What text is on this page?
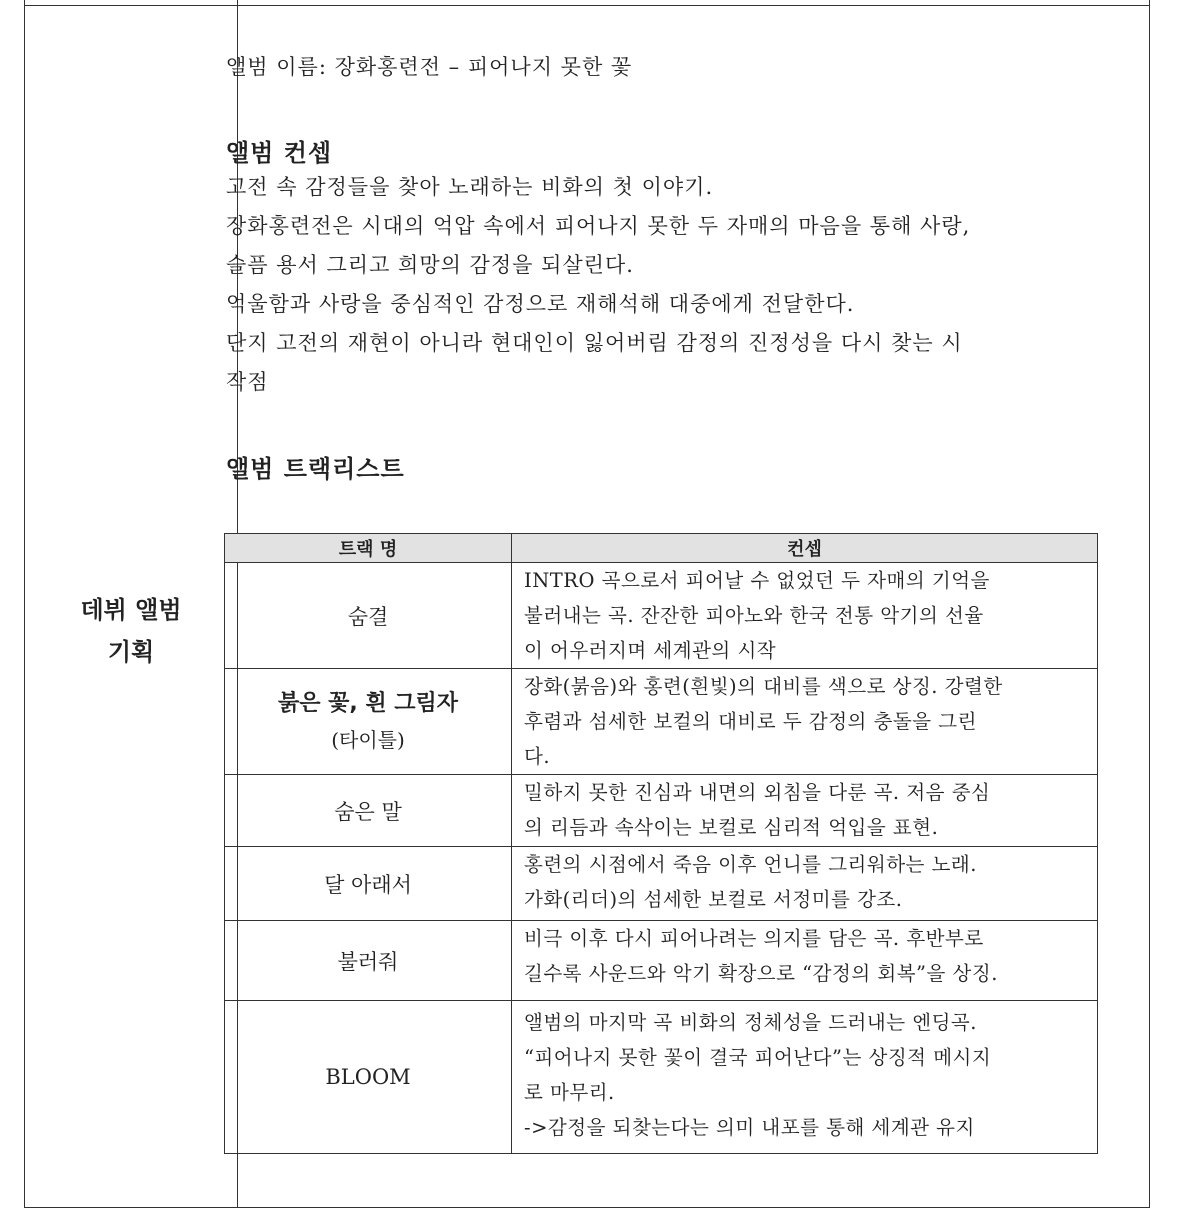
데뷔 앨범
기획

앨범 이름: 장화홍련전 – 피어나지 못한 꽃

앨범 컨셉

고전 속 감정들을 찾아 노래하는 비화의 첫 이야기.

장화홍련전은 시대의 억압 속에서 피어나지 못한 두 자매의 마음을 통해 사랑,

슬픔 용서 그리고 희망의 감정을 되살린다.

억울함과 사랑을 중심적인 감정으로 재해석해 대중에게 전달한다.

단지 고전의 재현이 아니라 현대인이 잃어버림 감정의 진정성을 다시 찾는 시

작점

앨범 트랙리스트

트랙 명	컨셉
숨결	INTRO 곡으로서 피어날 수 없었던 두 자매의 기억을
불러내는 곡. 잔잔한 피아노와 한국 전통 악기의 선율
이 어우러지며 세계관의 시작

붉은 꽃, 흰 그림자
(타이틀)	장화(붉음)와 홍련(흰빛)의 대비를 색으로 상징. 강렬한
후렴과 섬세한 보컬의 대비로 두 감정의 충돌을 그린
다.

숨은 말	밀하지 못한 진심과 내면의 외침을 다룬 곡. 저음 중심
의 리듬과 속삭이는 보컬로 심리적 억입을 표현.

달 아래서	홍련의 시점에서 죽음 이후 언니를 그리워하는 노래.
가화(리더)의 섬세한 보컬로 서정미를 강조.

불러줘	비극 이후 다시 피어나려는 의지를 담은 곡. 후반부로
길수록 사운드와 악기 확장으로 “감정의 회복”을 상징.

BLOOM	앨범의 마지막 곡 비화의 정체성을 드러내는 엔딩곡.
“피어나지 못한 꽃이 결국 피어난다”는 상징적 메시지
로 마무리.
->감정을 되찾는다는 의미 내포를 통해 세계관 유지
